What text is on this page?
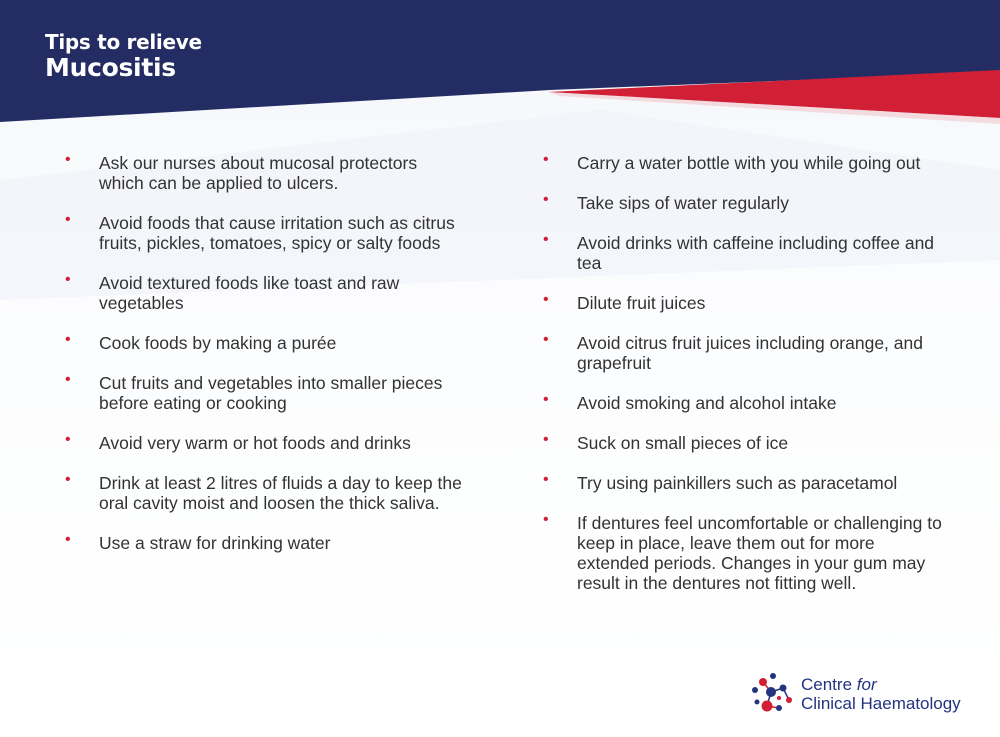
Tips to relieve
Mucositis
• Ask our nurses about mucosal protectors which can be applied to ulcers.
• Avoid foods that cause irritation such as citrus fruits, pickles, tomatoes, spicy or salty foods
• Avoid textured foods like toast and raw vegetables
• Cook foods by making a purée
• Cut fruits and vegetables into smaller pieces before eating or cooking
• Avoid very warm or hot foods and drinks
• Drink at least 2 litres of fluids a day to keep the oral cavity moist and loosen the thick saliva.
• Use a straw for drinking water
• Carry a water bottle with you while going out
• Take sips of water regularly
• Avoid drinks with caffeine including coffee and tea
• Dilute fruit juices
• Avoid citrus fruit juices including orange, and grapefruit
• Avoid smoking and alcohol intake
• Suck on small pieces of ice
• Try using painkillers such as paracetamol
• If dentures feel uncomfortable or challenging to keep in place, leave them out for more extended periods. Changes in your gum may result in the dentures not fitting well.
Centre for
Clinical Haematology
